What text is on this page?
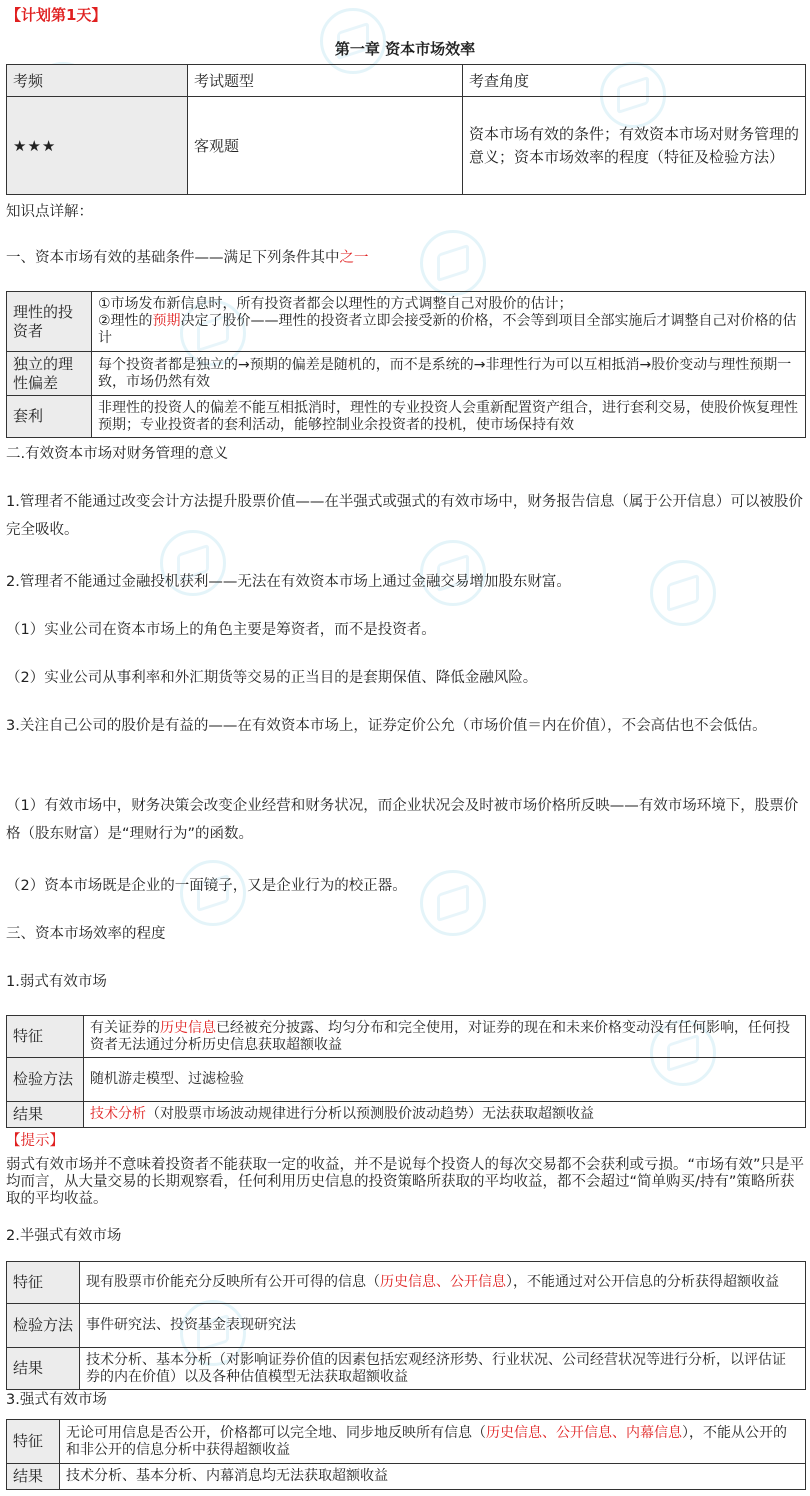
【计划第1天】
第一章 资本市场效率
考频	考试题型	考查角度
★★★	客观题	资本市场有效的条件；有效资本市场对财务管理的意义；资本市场效率的程度（特征及检验方法）
知识点详解：
一、资本市场有效的基础条件——满足下列条件其中之一
理性的投资者	①市场发布新信息时，所有投资者都会以理性的方式调整自己对股价的估计；
②理性的预期决定了股价——理性的投资者立即会接受新的价格，不会等到项目全部实施后才调整自己对价格的估计

独立的理性偏差	每个投资者都是独立的→预期的偏差是随机的，而不是系统的→非理性行为可以互相抵消→股价变动与理性预期一致，市场仍然有效
套利	非理性的投资人的偏差不能互相抵消时，理性的专业投资人会重新配置资产组合，进行套利交易，使股价恢复理性预期；专业投资者的套利活动，能够控制业余投资者的投机，使市场保持有效
二.有效资本市场对财务管理的意义
1.管理者不能通过改变会计方法提升股票价值——在半强式或强式的有效市场中，财务报告信息（属于公开信息）可以被股价完全吸收。
2.管理者不能通过金融投机获利——无法在有效资本市场上通过金融交易增加股东财富。
（1）实业公司在资本市场上的角色主要是筹资者，而不是投资者。
（2）实业公司从事利率和外汇期货等交易的正当目的是套期保值、降低金融风险。
3.关注自己公司的股价是有益的——在有效资本市场上，证券定价公允（市场价值＝内在价值），不会高估也不会低估。
（1）有效市场中，财务决策会改变企业经营和财务状况，而企业状况会及时被市场价格所反映——有效市场环境下，股票价格（股东财富）是“理财行为”的函数。
（2）资本市场既是企业的一面镜子，又是企业行为的校正器。
三、资本市场效率的程度
1.弱式有效市场
特征	有关证券的历史信息已经被充分披露、均匀分布和完全使用，对证券的现在和未来价格变动没有任何影响，任何投资者无法通过分析历史信息获取超额收益
检验方法	随机游走模型、过滤检验
结果	技术分析（对股票市场波动规律进行分析以预测股价波动趋势）无法获取超额收益
【提示】
弱式有效市场并不意味着投资者不能获取一定的收益，并不是说每个投资人的每次交易都不会获利或亏损。“市场有效”只是平均而言，从大量交易的长期观察看，任何利用历史信息的投资策略所获取的平均收益，都不会超过“简单购买/持有”策略所获取的平均收益。
2.半强式有效市场
特征	现有股票市价能充分反映所有公开可得的信息（历史信息、公开信息），不能通过对公开信息的分析获得超额收益
检验方法	事件研究法、投资基金表现研究法
结果	技术分析、基本分析（对影响证券价值的因素包括宏观经济形势、行业状况、公司经营状况等进行分析，以评估证券的内在价值）以及各种估值模型无法获取超额收益
3.强式有效市场
特征	无论可用信息是否公开，价格都可以完全地、同步地反映所有信息（历史信息、公开信息、内幕信息），不能从公开的和非公开的信息分析中获得超额收益
结果	技术分析、基本分析、内幕消息均无法获取超额收益
